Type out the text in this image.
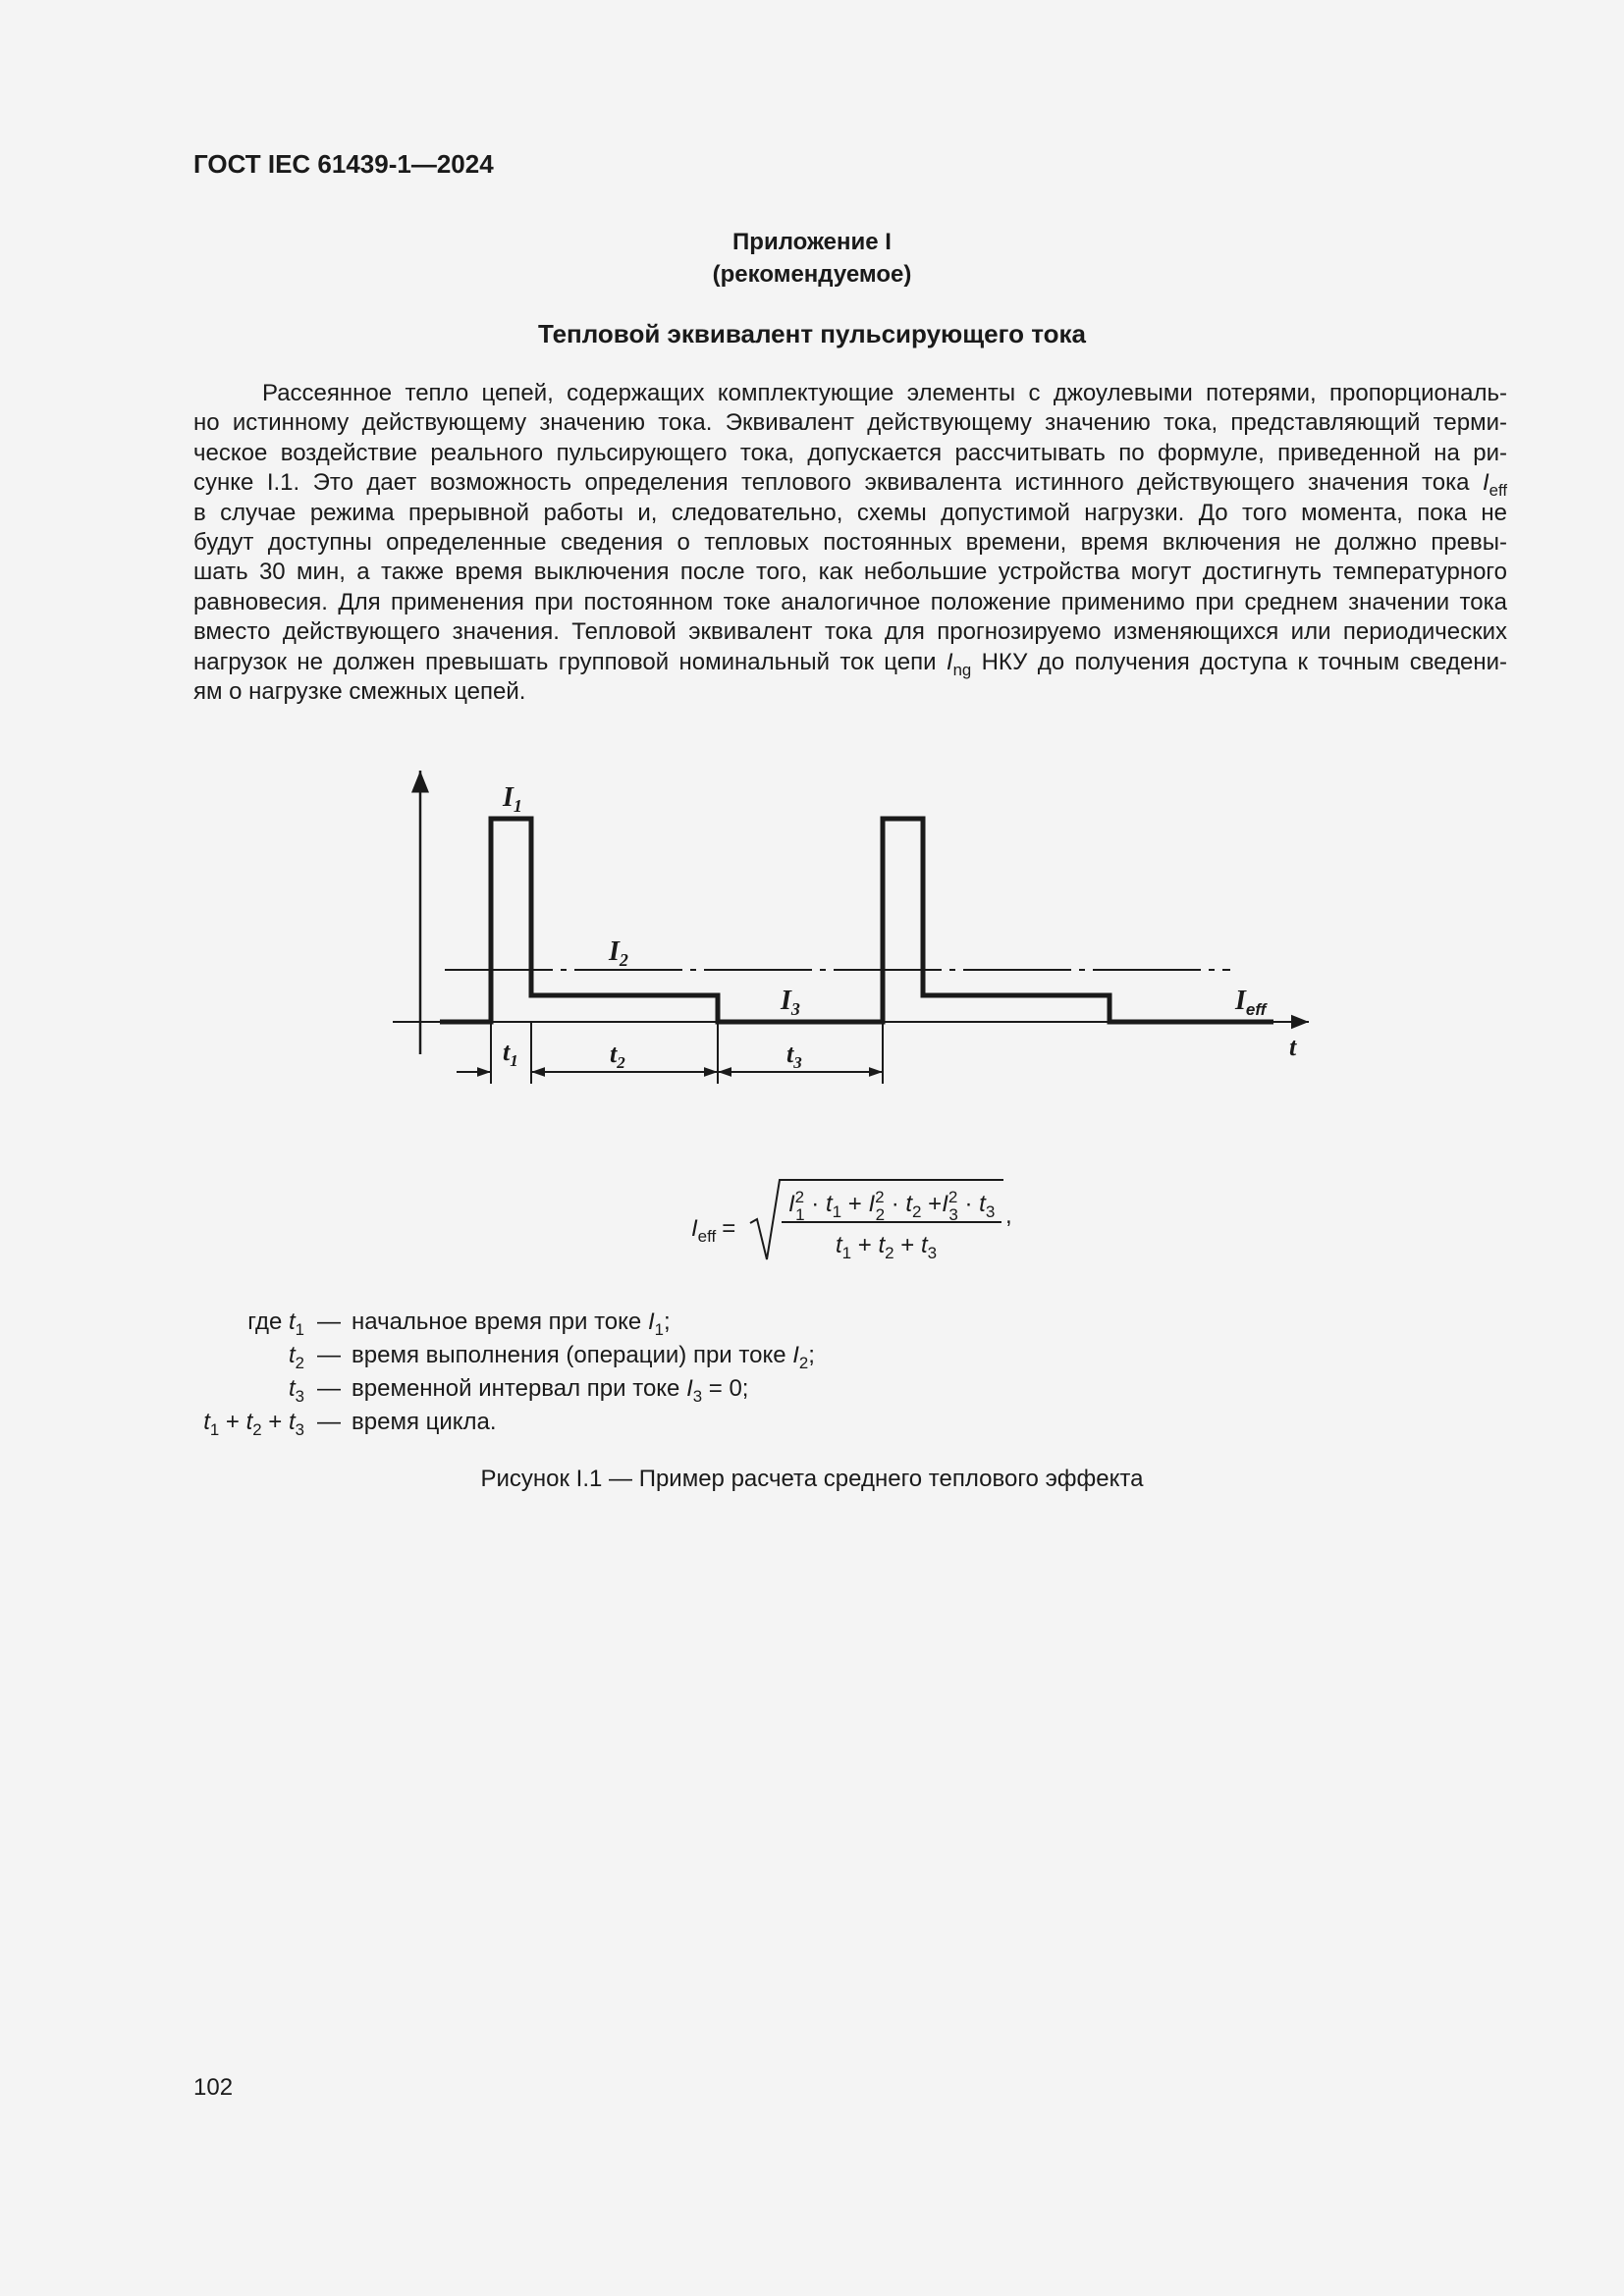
ГОСТ IEC 61439-1—2024
Приложение I
(рекомендуемое)
Тепловой эквивалент пульсирующего тока
Рассеянное тепло цепей, содержащих комплектующие элементы с джоулевыми потерями, пропорциональ-
но истинному действующему значению тока. Эквивалент действующему значению тока, представляющий терми-
ческое воздействие реального пульсирующего тока, допускается рассчитывать по формуле, приведенной на ри-
сунке I.1. Это дает возможность определения теплового эквивалента истинного действующего значения тока $I_{eff}$
в случае режима прерывной работы и, следовательно, схемы допустимой нагрузки. До того момента, пока не
будут доступны определенные сведения о тепловых постоянных времени, время включения не должно превы-
шать 30 мин, а также время выключения после того, как небольшие устройства могут достигнуть температурного
равновесия. Для применения при постоянном токе аналогичное положение применимо при среднем значении тока
вместо действующего значения. Тепловой эквивалент тока для прогнозируемо изменяющихся или периодических
нагрузок не должен превышать групповой номинальный ток цепи $I_{ng}$ НКУ до получения доступа к точным сведени-
ям о нагрузке смежных цепей.
$I_1$
$I_2$
$I_3$	$I_{eff}$
t
$t_1$	$t_2$	$t_3$
$I_{eff}$ =
$I^2$ $1 \cdot t_1 + I^2$ $2 \cdot t_2 +I^2$ $3 \cdot t_3$
$t_1 + t_2 + t_3$
,
где $t_1$ — начальное время при токе $I_1$;
$t_2$ — время выполнения (операции) при токе $I_2$;
$t_3$ — временной интервал при токе $I_3 = 0$;
$t_1 + t_2 + t_3$ — время цикла.
Рисунок I.1 — Пример расчета среднего теплового эффекта
102
